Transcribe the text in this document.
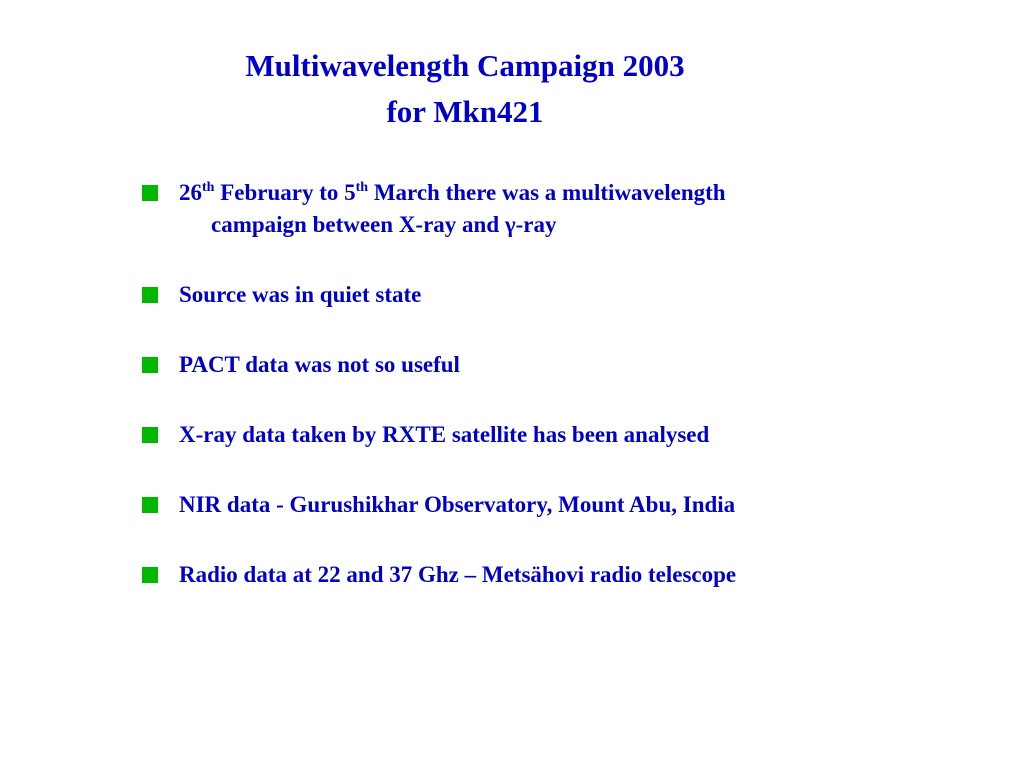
Multiwavelength Campaign 2003
for Mkn421
26th February to 5th March there was a multiwavelength
campaign between X-ray and γ-ray
Source was in quiet state
PACT data was not so useful
X-ray data taken by RXTE satellite has been analysed
NIR data - Gurushikhar Observatory, Mount Abu, India
Radio data at 22 and 37 Ghz – Metsähovi radio telescope
